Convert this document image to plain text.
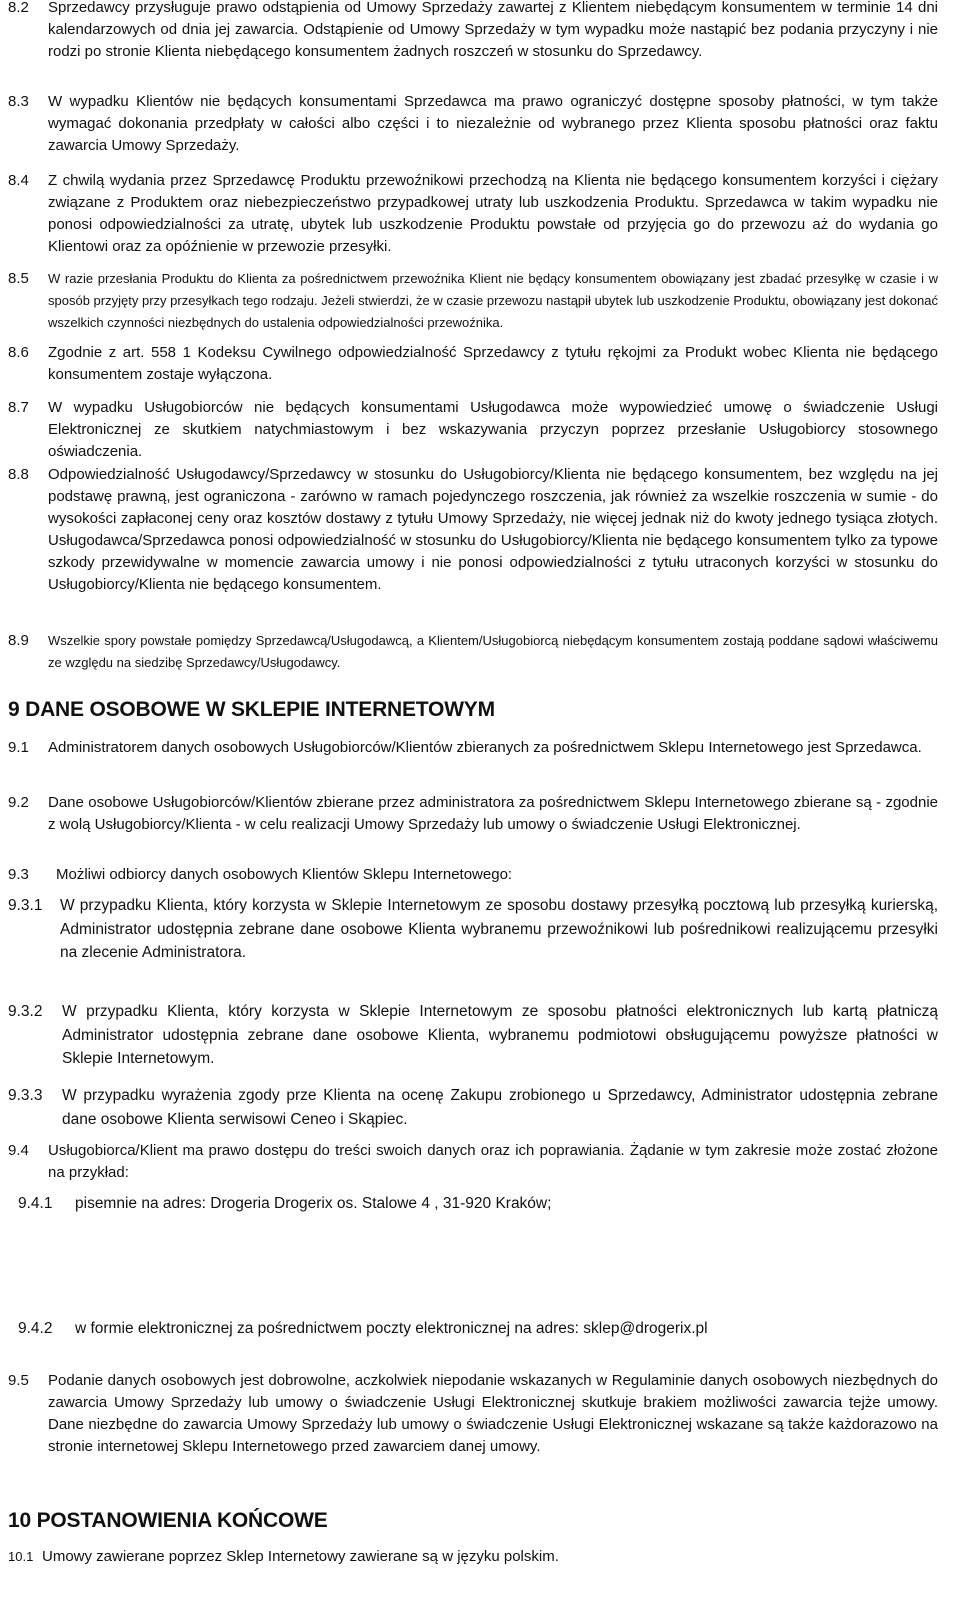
8.2	Sprzedawcy przysługuje prawo odstąpienia od Umowy Sprzedaży zawartej z Klientem niebędącym konsumentem w terminie 14 dni kalendarzowych od dnia jej zawarcia. Odstąpienie od Umowy Sprzedaży w tym wypadku może nastąpić bez podania przyczyny i nie rodzi po stronie Klienta niebędącego konsumentem żadnych roszczeń w stosunku do Sprzedawcy.
8.3	W wypadku Klientów nie będących konsumentami Sprzedawca ma prawo ograniczyć dostępne sposoby płatności, w tym także wymagać dokonania przedpłaty w całości albo części i to niezależnie od wybranego przez Klienta sposobu płatności oraz faktu zawarcia Umowy Sprzedaży.
8.4	Z chwilą wydania przez Sprzedawcę Produktu przewoźnikowi przechodzą na Klienta nie będącego konsumentem korzyści i ciężary związane z Produktem oraz niebezpieczeństwo przypadkowej utraty lub uszkodzenia Produktu. Sprzedawca w takim wypadku nie ponosi odpowiedzialności za utratę, ubytek lub uszkodzenie Produktu powstałe od przyjęcia go do przewozu aż do wydania go Klientowi oraz za opóźnienie w przewozie przesyłki.
8.5	W razie przesłania Produktu do Klienta za pośrednictwem przewoźnika Klient nie będący konsumentem obowiązany jest zbadać przesyłkę w czasie i w sposób przyjęty przy przesyłkach tego rodzaju. Jeżeli stwierdzi, że w czasie przewozu nastąpił ubytek lub uszkodzenie Produktu, obowiązany jest dokonać wszelkich czynności niezbędnych do ustalenia odpowiedzialności przewoźnika.
8.6	Zgodnie z art. 558 1 Kodeksu Cywilnego odpowiedzialność Sprzedawcy z tytułu rękojmi za Produkt wobec Klienta nie będącego konsumentem zostaje wyłączona.
8.7	W wypadku Usługobiorców nie będących konsumentami Usługodawca może wypowiedzieć umowę o świadczenie Usługi Elektronicznej ze skutkiem natychmiastowym i bez wskazywania przyczyn poprzez przesłanie Usługobiorcy stosownego oświadczenia.
8.8	Odpowiedzialność Usługodawcy/Sprzedawcy w stosunku do Usługobiorcy/Klienta nie będącego konsumentem, bez względu na jej podstawę prawną, jest ograniczona - zarówno w ramach pojedynczego roszczenia, jak również za wszelkie roszczenia w sumie - do wysokości zapłaconej ceny oraz kosztów dostawy z tytułu Umowy Sprzedaży, nie więcej jednak niż do kwoty jednego tysiąca złotych. Usługodawca/Sprzedawca ponosi odpowiedzialność w stosunku do Usługobiorcy/Klienta nie będącego konsumentem tylko za typowe szkody przewidywalne w momencie zawarcia umowy i nie ponosi odpowiedzialności z tytułu utraconych korzyści w stosunku do Usługobiorcy/Klienta nie będącego konsumentem.
8.9	Wszelkie spory powstałe pomiędzy Sprzedawcą/Usługodawcą, a Klientem/Usługobiorcą niebędącym konsumentem zostają poddane sądowi właściwemu ze względu na siedzibę Sprzedawcy/Usługodawcy.
9 DANE OSOBOWE W SKLEPIE INTERNETOWYM
9.1	Administratorem danych osobowych Usługobiorców/Klientów zbieranych za pośrednictwem Sklepu Internetowego jest Sprzedawca.
9.2	Dane osobowe Usługobiorców/Klientów zbierane przez administratora za pośrednictwem Sklepu Internetowego zbierane są - zgodnie z wolą Usługobiorcy/Klienta - w celu realizacji Umowy Sprzedaży lub umowy o świadczenie Usługi Elektronicznej.
9.3	Możliwi odbiorcy danych osobowych Klientów Sklepu Internetowego:
9.3.1	W przypadku Klienta, który korzysta w Sklepie Internetowym ze sposobu dostawy przesyłką pocztową lub przesyłką kurierską, Administrator udostępnia zebrane dane osobowe Klienta wybranemu przewoźnikowi lub pośrednikowi realizującemu przesyłki na zlecenie Administratora.
9.3.2	W przypadku Klienta, który korzysta w Sklepie Internetowym ze sposobu płatności elektronicznych lub kartą płatniczą Administrator udostępnia zebrane dane osobowe Klienta, wybranemu podmiotowi obsługującemu powyższe płatności w Sklepie Internetowym.
9.3.3	W przypadku wyrażenia zgody prze Klienta na ocenę Zakupu zrobionego u Sprzedawcy, Administrator udostępnia zebrane dane osobowe Klienta serwisowi Ceneo i Skąpiec.
9.4	Usługobiorca/Klient ma prawo dostępu do treści swoich danych oraz ich poprawiania. Żądanie w tym zakresie może zostać złożone na przykład:
9.4.1	pisemnie na adres: Drogeria Drogerix os. Stalowe 4 , 31-920 Kraków;
9.4.2	w formie elektronicznej za pośrednictwem poczty elektronicznej na adres: sklep@drogerix.pl
9.5	Podanie danych osobowych jest dobrowolne, aczkolwiek niepodanie wskazanych w Regulaminie danych osobowych niezbędnych do zawarcia Umowy Sprzedaży lub umowy o świadczenie Usługi Elektronicznej skutkuje brakiem możliwości zawarcia tejże umowy. Dane niezbędne do zawarcia Umowy Sprzedaży lub umowy o świadczenie Usługi Elektronicznej wskazane są także każdorazowo na stronie internetowej Sklepu Internetowego przed zawarciem danej umowy.
10 POSTANOWIENIA KOŃCOWE
10.1 Umowy zawierane poprzez Sklep Internetowy zawierane są w języku polskim.
